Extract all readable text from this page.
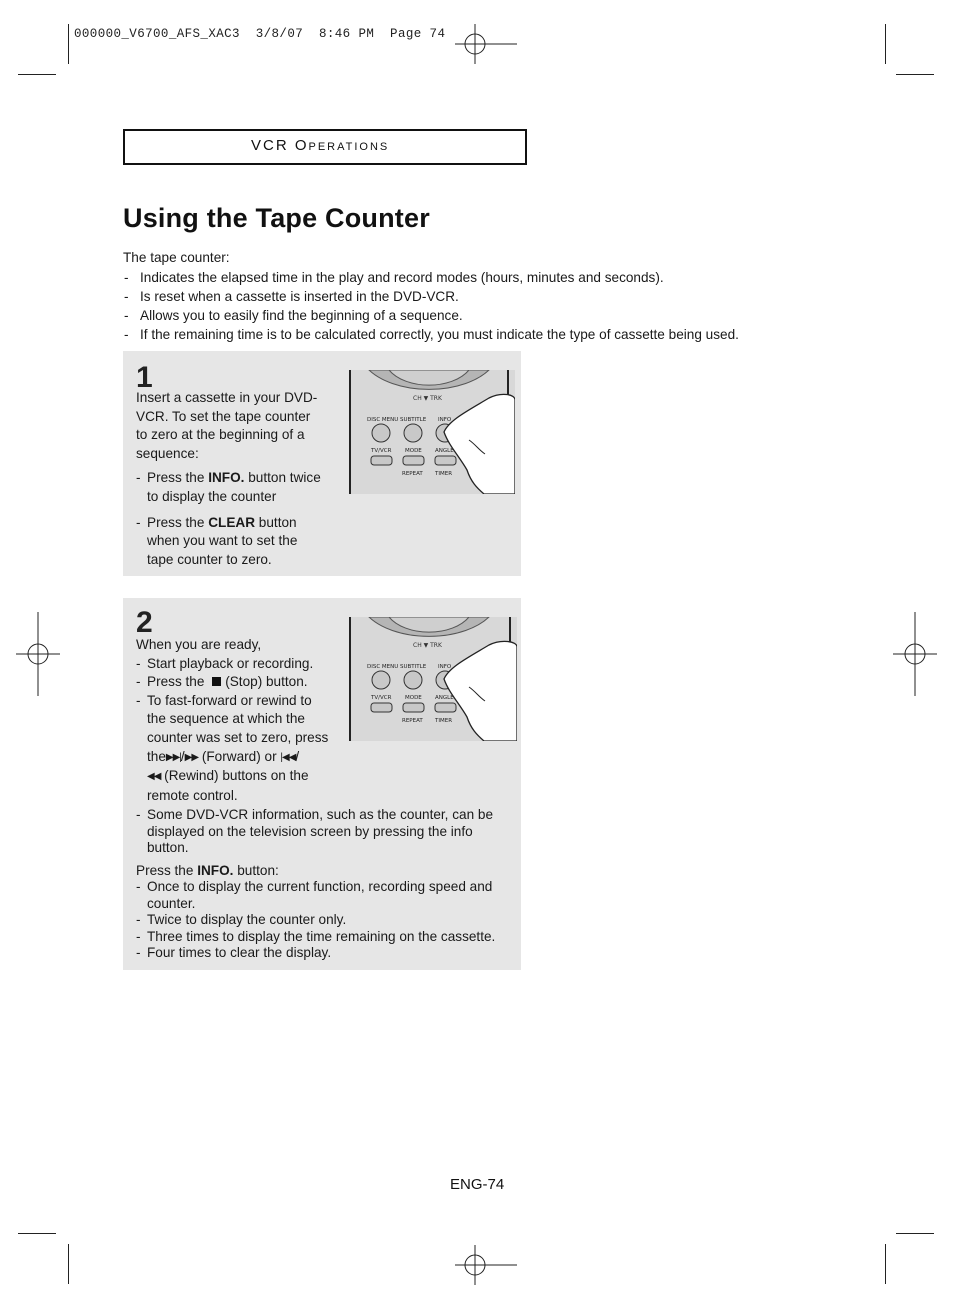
000000_V6700_AFS_XAC3  3/8/07  8:46 PM  Page 74
VCR Operations
Using the Tape Counter

The tape counter:

- Indicates the elapsed time in the play and record modes (hours, minutes and seconds).
- Is reset when a cassette is inserted in the DVD-VCR.
- Allows you to easily find the beginning of a sequence.
- If the remaining time is to be calculated correctly, you must indicate the type of cassette being used.
1

Insert a cassette in your DVD-

VCR. To set the tape counter

to zero at the beginning of a

sequence:

- Press the INFO. button twice
to display the counter
- Press the CLEAR button
when you want to set the
tape counter to zero.
CH ▼ TRK
DISC MENU SUBTITLE INFO
TV/VCR MODE ANGLE
REPEAT TIMER
2

When you are ready,

- Start playback or recording.
- Press the (Stop) button.
- To fast-forward or rewind to
the sequence at which the
counter was set to zero, press
the▶▶|/▶▶ (Forward) or |◀◀/
◀◀ (Rewind) buttons on the
remote control.
- Some DVD-VCR information, such as the counter, can be
displayed on the television screen by pressing the info
button.

Press the INFO. button:

- Once to display the current function, recording speed and
counter.
- Twice to display the counter only.
- Three times to display the time remaining on the cassette.
- Four times to clear the display.
CH ▼ TRK
DISC MENU SUBTITLE INFO
TV/VCR MODE ANGLE
REPEAT TIMER
ENG-74
